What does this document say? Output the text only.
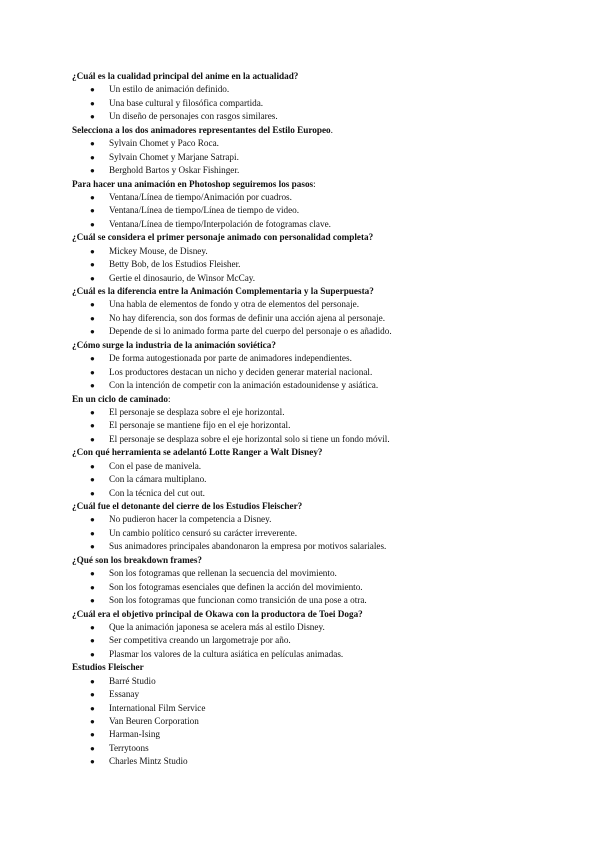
¿Cuál es la cualidad principal del anime en la actualidad?
● Un estilo de animación definido.
● Una base cultural y filosófica compartida.
● Un diseño de personajes con rasgos similares.
Selecciona a los dos animadores representantes del Estilo Europeo.
● Sylvain Chomet y Paco Roca.
● Sylvain Chomet y Marjane Satrapi.
● Berghold Bartos y Oskar Fishinger.
Para hacer una animación en Photoshop seguiremos los pasos:
● Ventana/Línea de tiempo/Animación por cuadros.
● Ventana/Línea de tiempo/Línea de tiempo de video.
● Ventana/Línea de tiempo/Interpolación de fotogramas clave.
¿Cuál se considera el primer personaje animado con personalidad completa?
● Mickey Mouse, de Disney.
● Betty Bob, de los Estudios Fleisher.
● Gertie el dinosaurio, de Winsor McCay.
¿Cuál es la diferencia entre la Animación Complementaria y la Superpuesta?
● Una habla de elementos de fondo y otra de elementos del personaje.
● No hay diferencia, son dos formas de definir una acción ajena al personaje.
● Depende de si lo animado forma parte del cuerpo del personaje o es añadido.
¿Cómo surge la industria de la animación soviética?
● De forma autogestionada por parte de animadores independientes.
● Los productores destacan un nicho y deciden generar material nacional.
● Con la intención de competir con la animación estadounidense y asiática.
En un ciclo de caminado:
● El personaje se desplaza sobre el eje horizontal.
● El personaje se mantiene fijo en el eje horizontal.
● El personaje se desplaza sobre el eje horizontal solo si tiene un fondo móvil.
¿Con qué herramienta se adelantó Lotte Ranger a Walt Disney?
● Con el pase de manivela.
● Con la cámara multiplano.
● Con la técnica del cut out.
¿Cuál fue el detonante del cierre de los Estudios Fleischer?
● No pudieron hacer la competencia a Disney.
● Un cambio político censuró su carácter irreverente.
● Sus animadores principales abandonaron la empresa por motivos salariales.
¿Qué son los breakdown frames?
● Son los fotogramas que rellenan la secuencia del movimiento.
● Son los fotogramas esenciales que definen la acción del movimiento.
● Son los fotogramas que funcionan como transición de una pose a otra.
¿Cuál era el objetivo principal de Okawa con la productora de Toei Doga?
● Que la animación japonesa se acelera más al estilo Disney.
● Ser competitiva creando un largometraje por año.
● Plasmar los valores de la cultura asiática en películas animadas.
Estudios Fleischer
● Barré Studio
● Essanay
● International Film Service
● Van Beuren Corporation
● Harman-Ising
● Terrytoons
● Charles Mintz Studio
